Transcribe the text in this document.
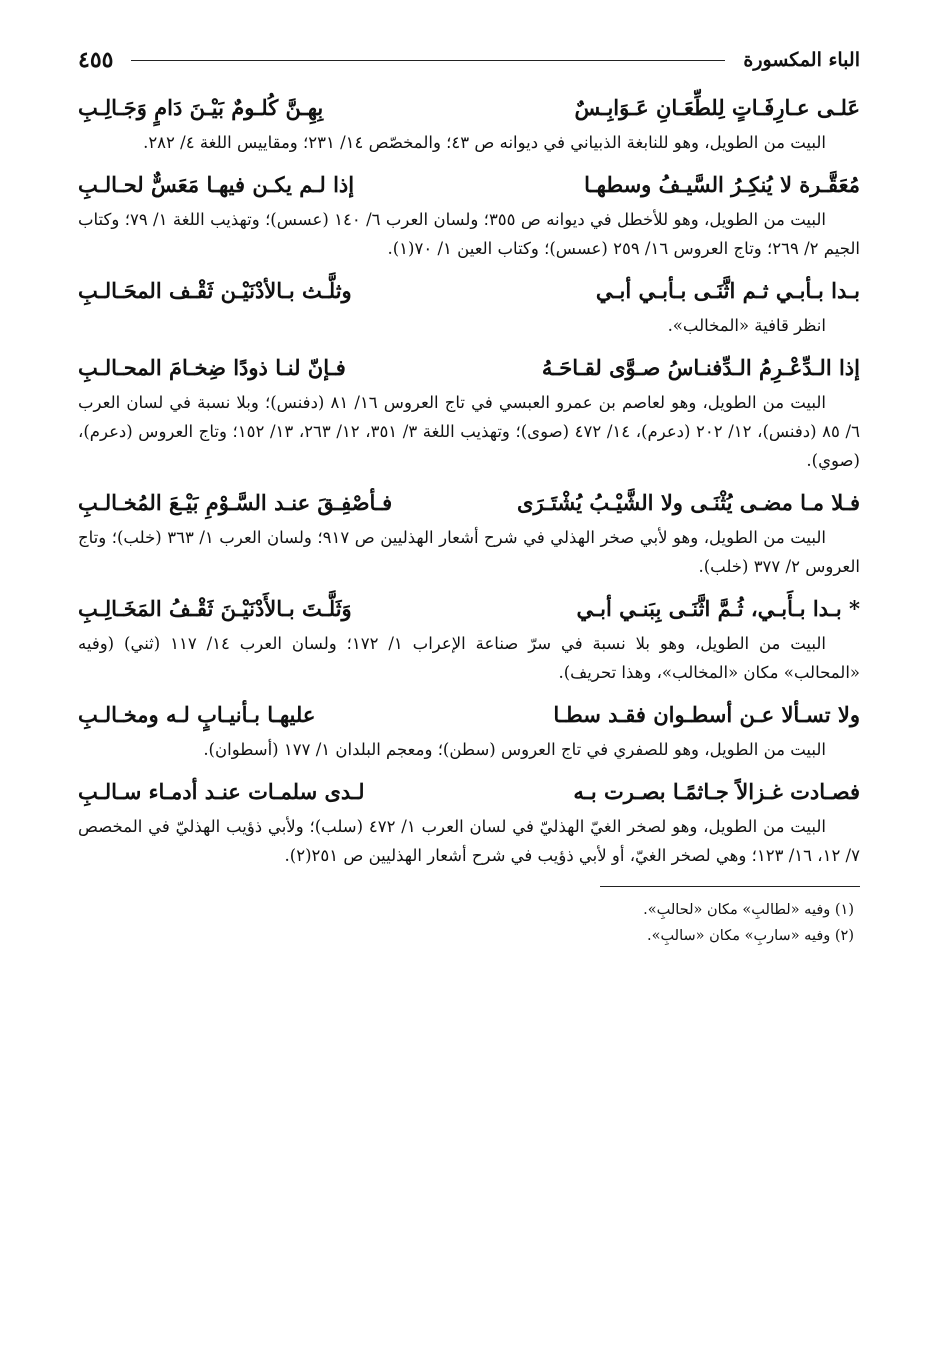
الباء المكسورة
٤٥٥
عَلـى عـارِفَـاتٍ لِلطِّعَـانِ عَـوَابِـسٌ
بِهِـنَّ كُلـومٌ بَيْـنَ دَامٍ وَجَـالِـبِ

البيت من الطويل، وهو للنابغة الذبياني في ديوانه ص ٤٣؛ والمخصّص ١٤/ ٢٣١؛ ومقاييس اللغة ٤/ ٢٨٢.

مُعَقَّـرة لا يُنكِـرُ السَّيـفُ وسطهـا
إذا لـم يكـن فيهـا مَعَسٌّ لحـالـبِ

البيت من الطويل، وهو للأخطل في ديوانه ص ٣٥٥؛ ولسان العرب ٦/ ١٤٠ (عسس)؛ وتهذيب اللغة ١/ ٧٩؛ وكتاب الجيم ٢/ ٢٦٩؛ وتاج العروس ١٦/ ٢٥٩ (عسس)؛ وكتاب العين ١/ ٧٠(١).

بـدا بـأبـي ثـم اثَّنَـى بـأبـي أبـي
وثلَّـث بـالأدْنَيْـن ثَقْـف المحَـالـبِ

انظر قافية «المخالب».

إذا الـدِّعْـرِمُ الـدِّفنـاسُ صـوَّى لقـاحَـهُ
فـإنّ لنـا ذودًا ضِخـامَ المحـالـبِ

البيت من الطويل، وهو لعاصم بن عمرو العبسي في تاج العروس ١٦/ ٨١ (دفنس)؛ وبلا نسبة في لسان العرب ٦/ ٨٥ (دفنس)، ١٢/ ٢٠٢ (دعرم)، ١٤/ ٤٧٢ (صوى)؛ وتهذيب اللغة ٣/ ٣٥١، ١٢/ ٢٦٣، ١٣/ ١٥٢؛ وتاج العروس (دعرم)، (صوي).

فـلا مـا مضـى يُثْنَـى ولا الشَّيْـبُ يُشْتَـرَى
فـأصْفِـقَ عنـد السَّـوْمِ بَيْـعَ المُخـالـبِ

البيت من الطويل، وهو لأبي صخر الهذلي في شرح أشعار الهذليين ص ٩١٧؛ ولسان العرب ١/ ٣٦٣ (خلب)؛ وتاج العروس ٢/ ٣٧٧ (خلب).

* بـدا بـأَبـي، ثُـمَّ اثَّنَـى بِبَنـي أبـي
وَثَلَّـتَ بـالأَدْنَيْـنَ ثَقْـفُ المَخَـالِـبِ

البيت من الطويل، وهو بلا نسبة في سرّ صناعة الإعراب ١/ ١٧٢؛ ولسان العرب ١٤/ ١١٧ (ثني) (وفيه «المحالب» مكان «المخالب»، وهذا تحريف).

ولا تسـألا عـن أسطـوان فقـد سطـا
عليهـا بـأنيـابٍ لـه ومخـالـبِ

البيت من الطويل، وهو للصفري في تاج العروس (سطن)؛ ومعجم البلدان ١/ ١٧٧ (أسطوان).

فصـادت غـزالاً جـاثمًـا بصـرت بـه
لـدى سلمـات عنـد أدمـاء سـالـبِ

البيت من الطويل، وهو لصخر الغيّ الهذليّ في لسان العرب ١/ ٤٧٢ (سلب)؛ ولأبي ذؤيب الهذليّ في المخصص ٧/ ١٢، ١٦/ ١٢٣؛ وهي لصخر الغيّ، أو لأبي ذؤيب في شرح أشعار الهذليين ص ٢٥١(٢).

(١) وفيه «لطالبِ» مكان «لحالبِ».
(٢) وفيه «ساربِ» مكان «سالبِ».
